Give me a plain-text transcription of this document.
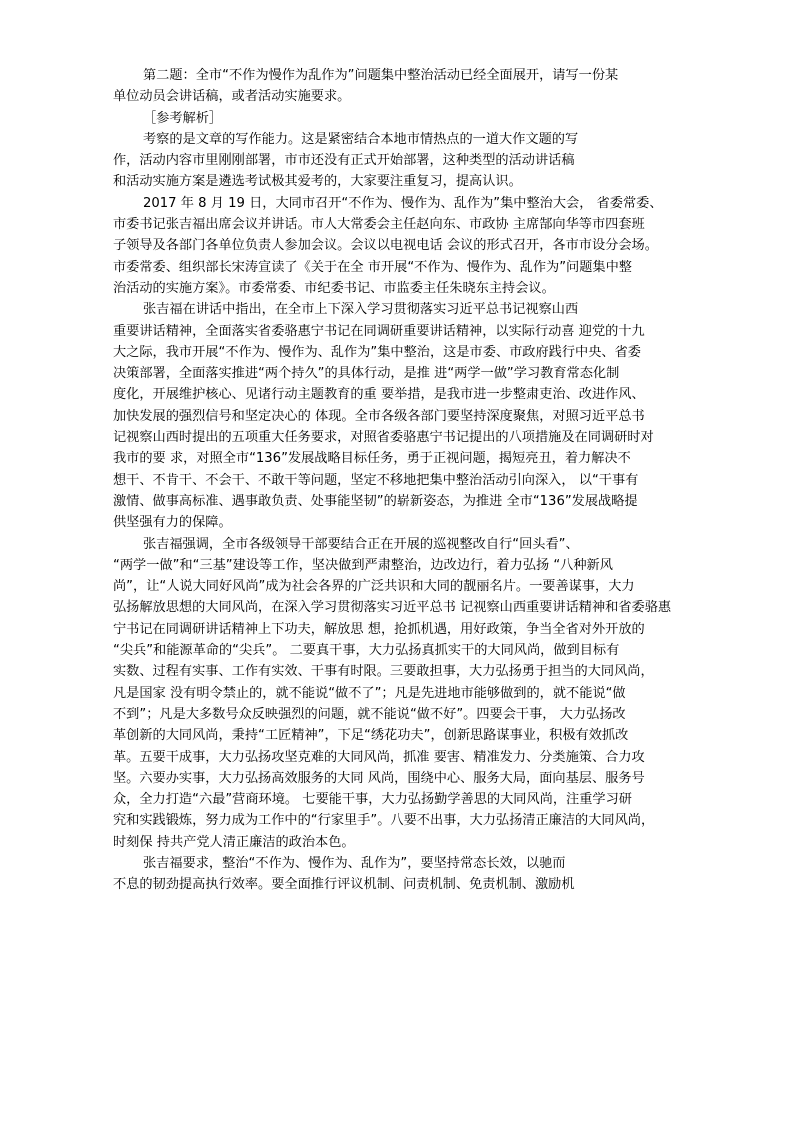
第二题：全市“不作为慢作为乱作为”问题集中整治活动已经全面展开，请写一份某
单位动员会讲话稿，或者活动实施要求。
［参考解析］
考察的是文章的写作能力。这是紧密结合本地市情热点的一道大作文题的写
作，活动内容市里刚刚部署，市市还没有正式开始部署，这种类型的活动讲话稿
和活动实施方案是遴选考试极其爱考的，大家要注重复习，提高认识。
2017 年 8 月 19 日，大同市召开“不作为、慢作为、乱作为”集中整治大会， 省委常委、
市委书记张吉福出席会议并讲话。市人大常委会主任赵向东、市政协 主席郜向华等市四套班
子领导及各部门各单位负责人参加会议。会议以电视电话 会议的形式召开，各市市设分会场。
市委常委、组织部长宋涛宣读了《关于在全 市开展“不作为、慢作为、乱作为”问题集中整
治活动的实施方案》。市委常委、市纪委书记、市监委主任朱晓东主持会议。
张吉福在讲话中指出，在全市上下深入学习贯彻落实习近平总书记视察山西
重要讲话精神，全面落实省委骆惠宁书记在同调研重要讲话精神，以实际行动喜 迎党的十九
大之际，我市开展“不作为、慢作为、乱作为”集中整治，这是市委、市政府践行中央、省委
决策部署，全面落实推进“两个持久”的具体行动，是推 进“两学一做”学习教育常态化制
度化，开展维护核心、见诸行动主题教育的重 要举措，是我市进一步整肃吏治、改进作风、
加快发展的强烈信号和坚定决心的 体现。全市各级各部门要坚持深度聚焦，对照习近平总书
记视察山西时提出的五项重大任务要求，对照省委骆惠宁书记提出的八项措施及在同调研时对
我市的要 求，对照全市“136”发展战略目标任务，勇于正视问题，揭短亮丑，着力解决不
想干、不肯干、不会干、不敢干等问题，坚定不移地把集中整治活动引向深入， 以“干事有
激情、做事高标准、遇事敢负责、处事能坚韧”的崭新姿态，为推进 全市“136”发展战略提
供坚强有力的保障。
张吉福强调，全市各级领导干部要结合正在开展的巡视整改自行“回头看”、
“两学一做”和“三基”建设等工作，坚决做到严肃整治，边改边行，着力弘扬 “八种新风
尚”，让“人说大同好风尚”成为社会各界的广泛共识和大同的靓丽名片。一要善谋事，大力
弘扬解放思想的大同风尚，在深入学习贯彻落实习近平总书 记视察山西重要讲话精神和省委骆惠
宁书记在同调研讲话精神上下功夫，解放思 想，抢抓机遇，用好政策，争当全省对外开放的
“尖兵”和能源革命的“尖兵”。 二要真干事，大力弘扬真抓实干的大同风尚，做到目标有
实数、过程有实事、工作有实效、干事有时限。三要敢担事，大力弘扬勇于担当的大同风尚，
凡是国家 没有明令禁止的，就不能说“做不了”；凡是先进地市能够做到的，就不能说“做
不到”；凡是大多数号众反映强烈的问题，就不能说“做不好”。四要会干事， 大力弘扬改
革创新的大同风尚，秉持“工匠精神”，下足“绣花功夫”，创新思路谋事业，积极有效抓改
革。五要干成事，大力弘扬攻坚克难的大同风尚，抓准 要害、精准发力、分类施策、合力攻
坚。六要办实事，大力弘扬高效服务的大同 风尚，围绕中心、服务大局，面向基层、服务号
众，全力打造“六最”营商环境。 七要能干事，大力弘扬勤学善思的大同风尚，注重学习研
究和实践锻炼，努力成为工作中的“行家里手”。八要不出事，大力弘扬清正廉洁的大同风尚，
时刻保 持共产党人清正廉洁的政治本色。
张吉福要求，整治“不作为、慢作为、乱作为”，要坚持常态长效，以驰而
不息的韧劲提高执行效率。要全面推行评议机制、问责机制、免责机制、激励机
